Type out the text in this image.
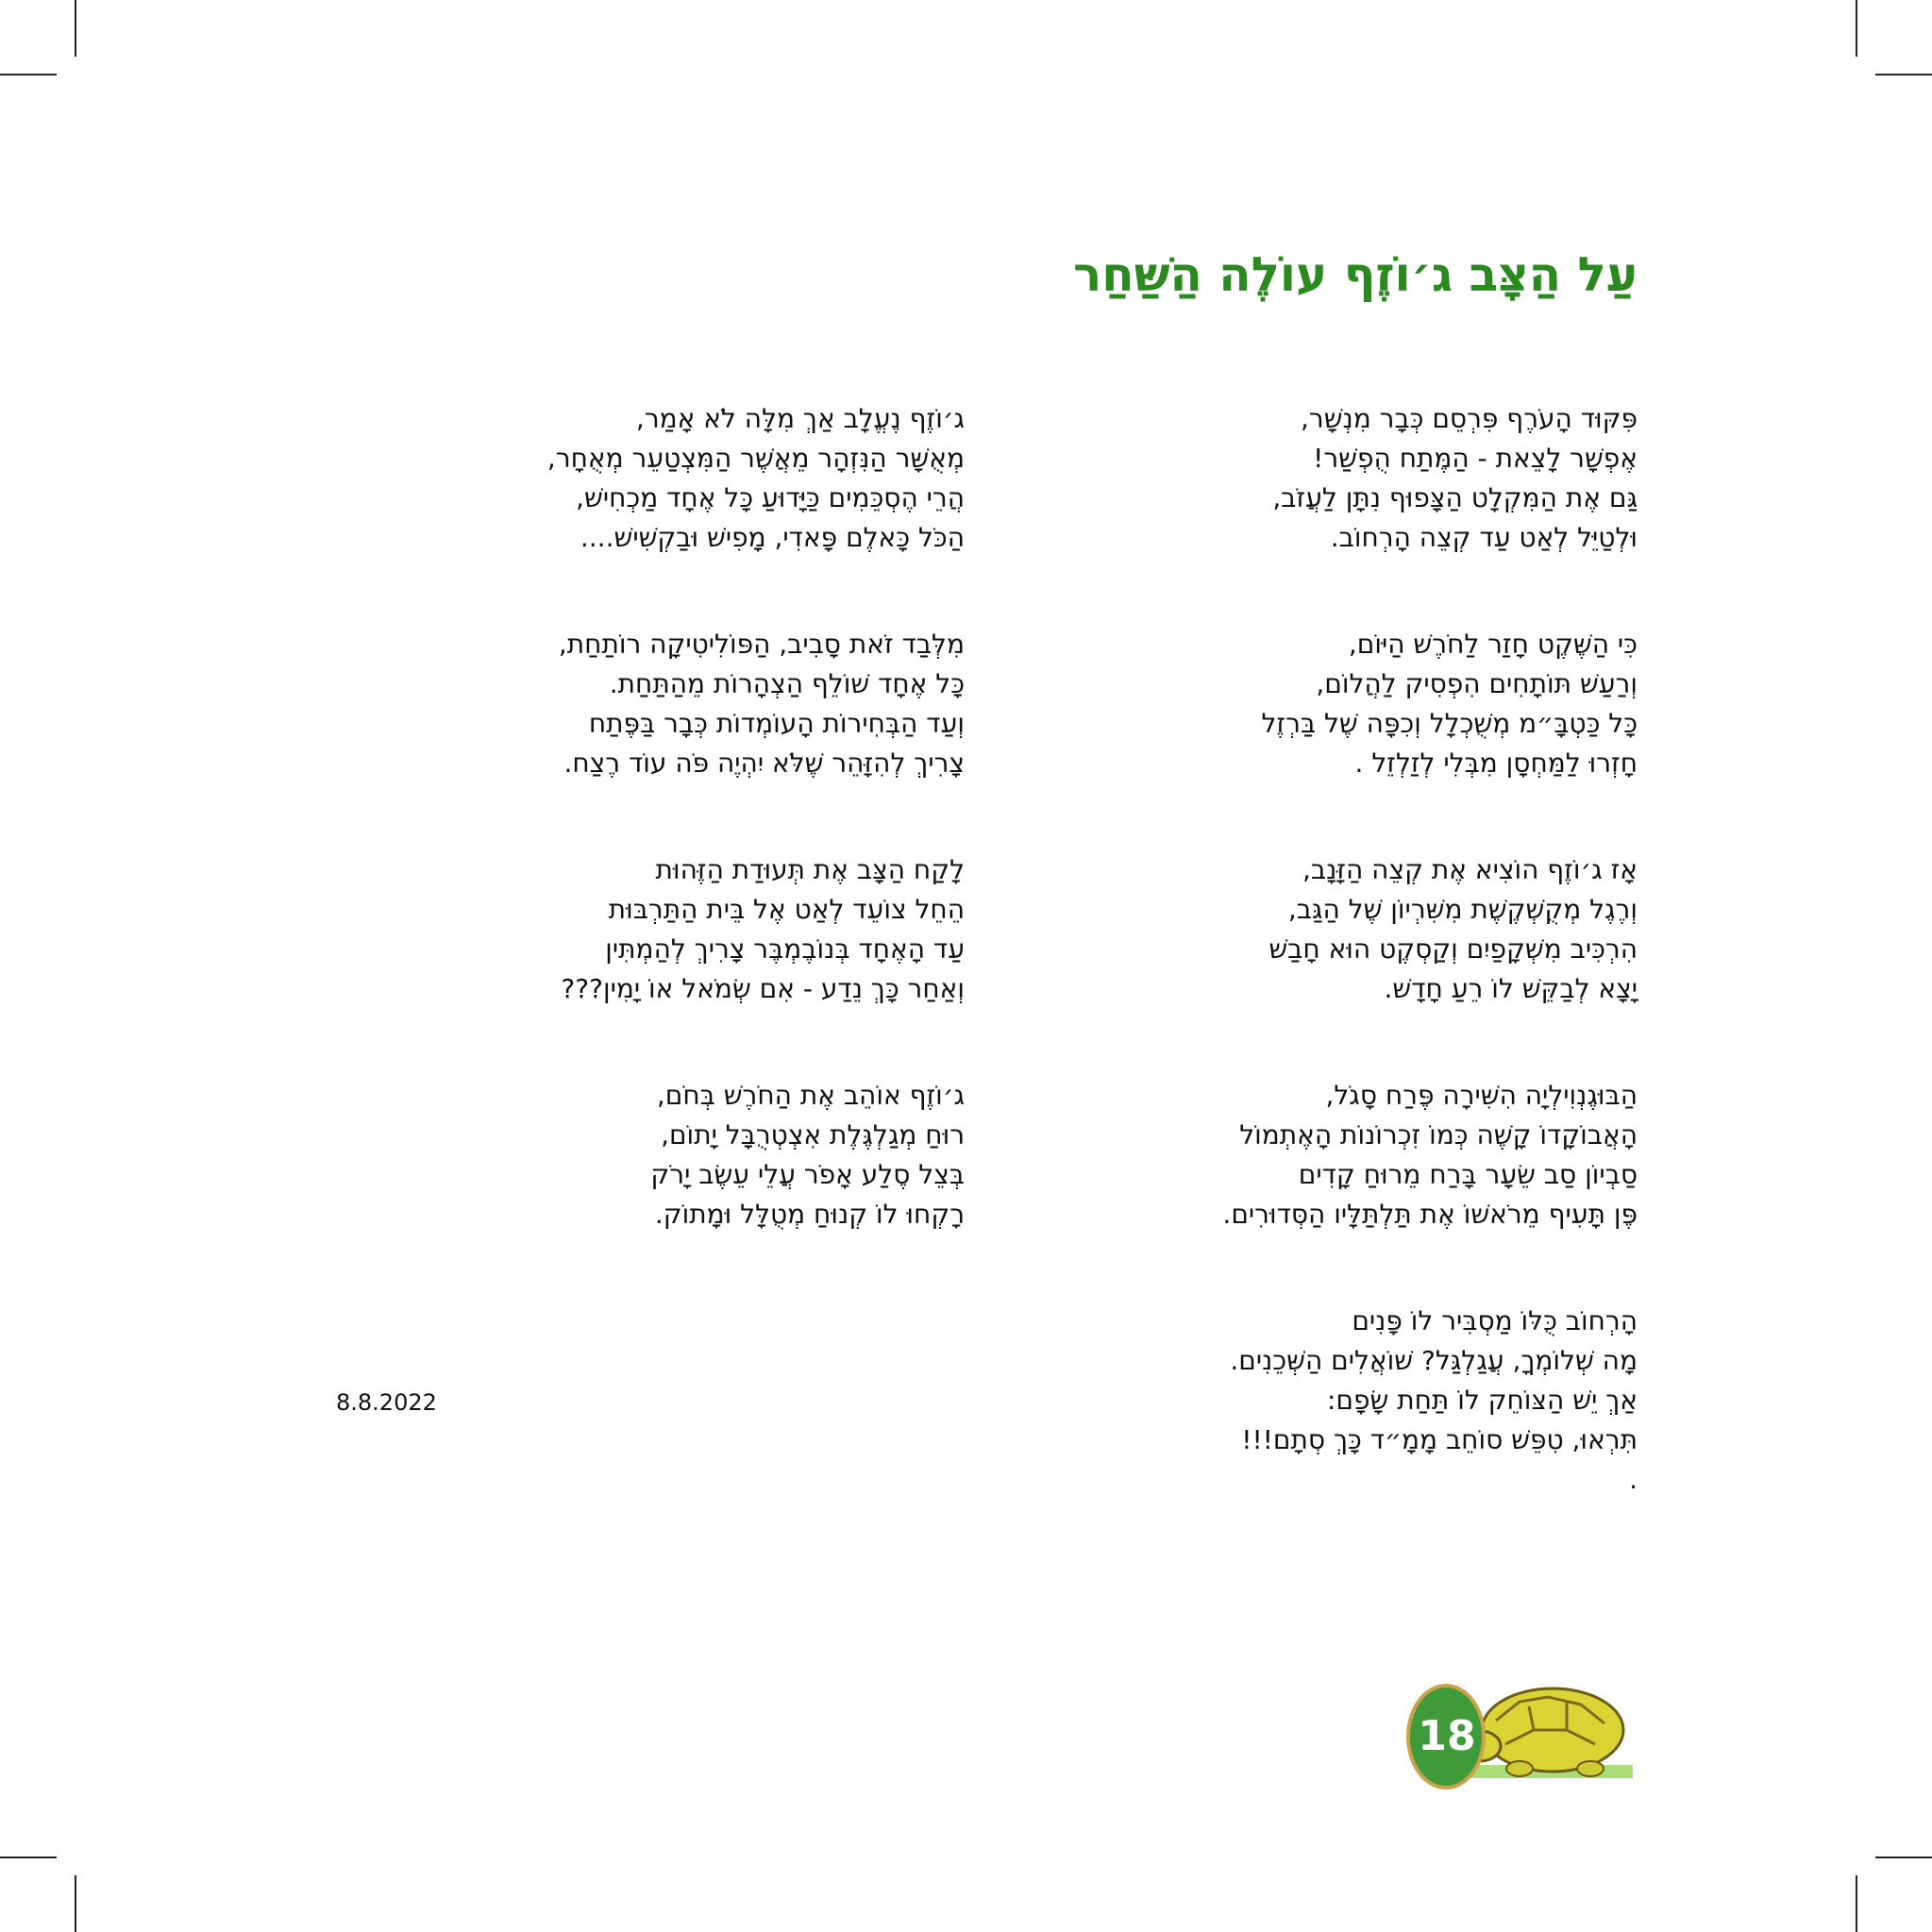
עַל הַצָּב ג׳וֹזֶף עוֹלֶה הַשַּׁחַר
פִּקּוּד הָעֹרֶף פִּרְסֵם כְּבָר מִנְשָׁר,
אֶפְשָׁר לָצֵאת - הַמֶּתַח הֻפְשַׁר!
גַּם אֶת הַמִּקְלָט הַצָּפוּף נִתָּן לַעֲזֹב,
וּלְטַיֵּל לְאַט עַד קְצֵה הָרְחוֹב.
כִּי הַשֶּׁקֶט חָזַר לַחֹרֶשׁ הַיּוֹם,
וְרַעַשׁ תּוֹתָחִים הִפְסִיק לַהֲלוֹם,
כָּל כַּטְבָּ״מ מְשֻׁכְלָל וְכִפָּה שֶׁל בַּרְזֶל
חָזְרוּ לַמַּחְסָן מִבְּלִי לְזַלְזֵל .
אָז ג׳וֹזֶף הוֹצִיא אֶת קְצֵה הַזָּנָב,
וְרֶגֶל מְקֻשְׁקֶשֶׁת מִשִּׁרְיוֹן שֶׁל הַגַּב,
הִרְכִּיב מִשְׁקָפַיִם וְקַסְקֶט הוּא חָבַשׁ
יָצָא לְבַקֵּשׁ לוֹ רֵעַ חָדָשׁ.
הַבּוּגֶנְוִילְיָה הִשִּׁירָה פֶּרַח סָגֹל,
הָאֲבוֹקָדוֹ קָשֶׁה כְּמוֹ זִכְרוֹנוֹת הָאֶתְמוֹל
סַבְיוֹן סַב שֵׂעָר בָּרַח מֵרוּחַ קָדִים
פֶּן תָּעִיף מֵרֹאשׁוֹ אֶת תַּלְתַּלָּיו הַסְּדוּרִים.
הָרְחוֹב כֻּלּוֹ מַסְבִּיר לוֹ פָּנִים
מָה שְׁלוֹמְךָ, עֲגַלְגַּל? שׁוֹאֲלִים הַשְּׁכֵנִים.
אַךְ יֵשׁ הַצּוֹחֵק לוֹ תַּחַת שָׂפָם:
תִּרְאוּ, טִפֵּשׁ סוֹחֵב מָמָ״ד כָּךְ סְתָם!!!
.
ג׳וֹזֶף נֶעֱלָב אַךְ מִלָּה לֹא אָמַר,
מְאֻשָּׁר הַנִּזְהָר מֵאֲשֶׁר הַמִּצְטַעֵר מְאֻחָר,
הֲרֵי הֶסְכֵּמִים כַּיָּדוּעַ כָּל אֶחָד מַכְחִישׁ,
הַכֹּל כָּאלֶם פָּאדִי, מָפִישׁ וּבַקְשִׁישׁ....
מִלְּבַד זֹאת סָבִיב, הַפּוֹלִיטִיקָה רוֹתַחַת,
כָּל אֶחָד שׁוֹלֵף הַצְהָרוֹת מֵהַתַּחַת.
וְעַד הַבְּחִירוֹת הָעוֹמְדוֹת כְּבָר בַּפֶּתַח
צָרִיךְ לְהִזָּהֵר שֶׁלֹּא יִהְיֶה פֹּה עוֹד רֶצַח.
לָקַח הַצָּב אֶת תְּעוּדַת הַזֶּהוּת
הֵחֵל צוֹעֵד לְאַט אֶל בֵּית הַתַּרְבּוּת
עַד הָאֶחָד בְּנוֹבֶמְבֶּר צָרִיךְ לְהַמְתִּין
וְאַחַר כָּךְ נֵדַע - אִם שְׂמֹאל אוֹ יָמִין???
ג׳וֹזֶף אוֹהֵב אֶת הַחֹרֶשׁ בְּחֹם,
רוּחַ מְגַלְגֶּלֶת אִצְטְרֻבָּל יָתוֹם,
בְּצֵל סֶלַע אָפֹר עֲלֵי עֵשֶׂב יָרֹק
רָקְחוּ לוֹ קְנוּחַ מְטֻלָּל וּמָתוֹק.
8.8.2022
18
